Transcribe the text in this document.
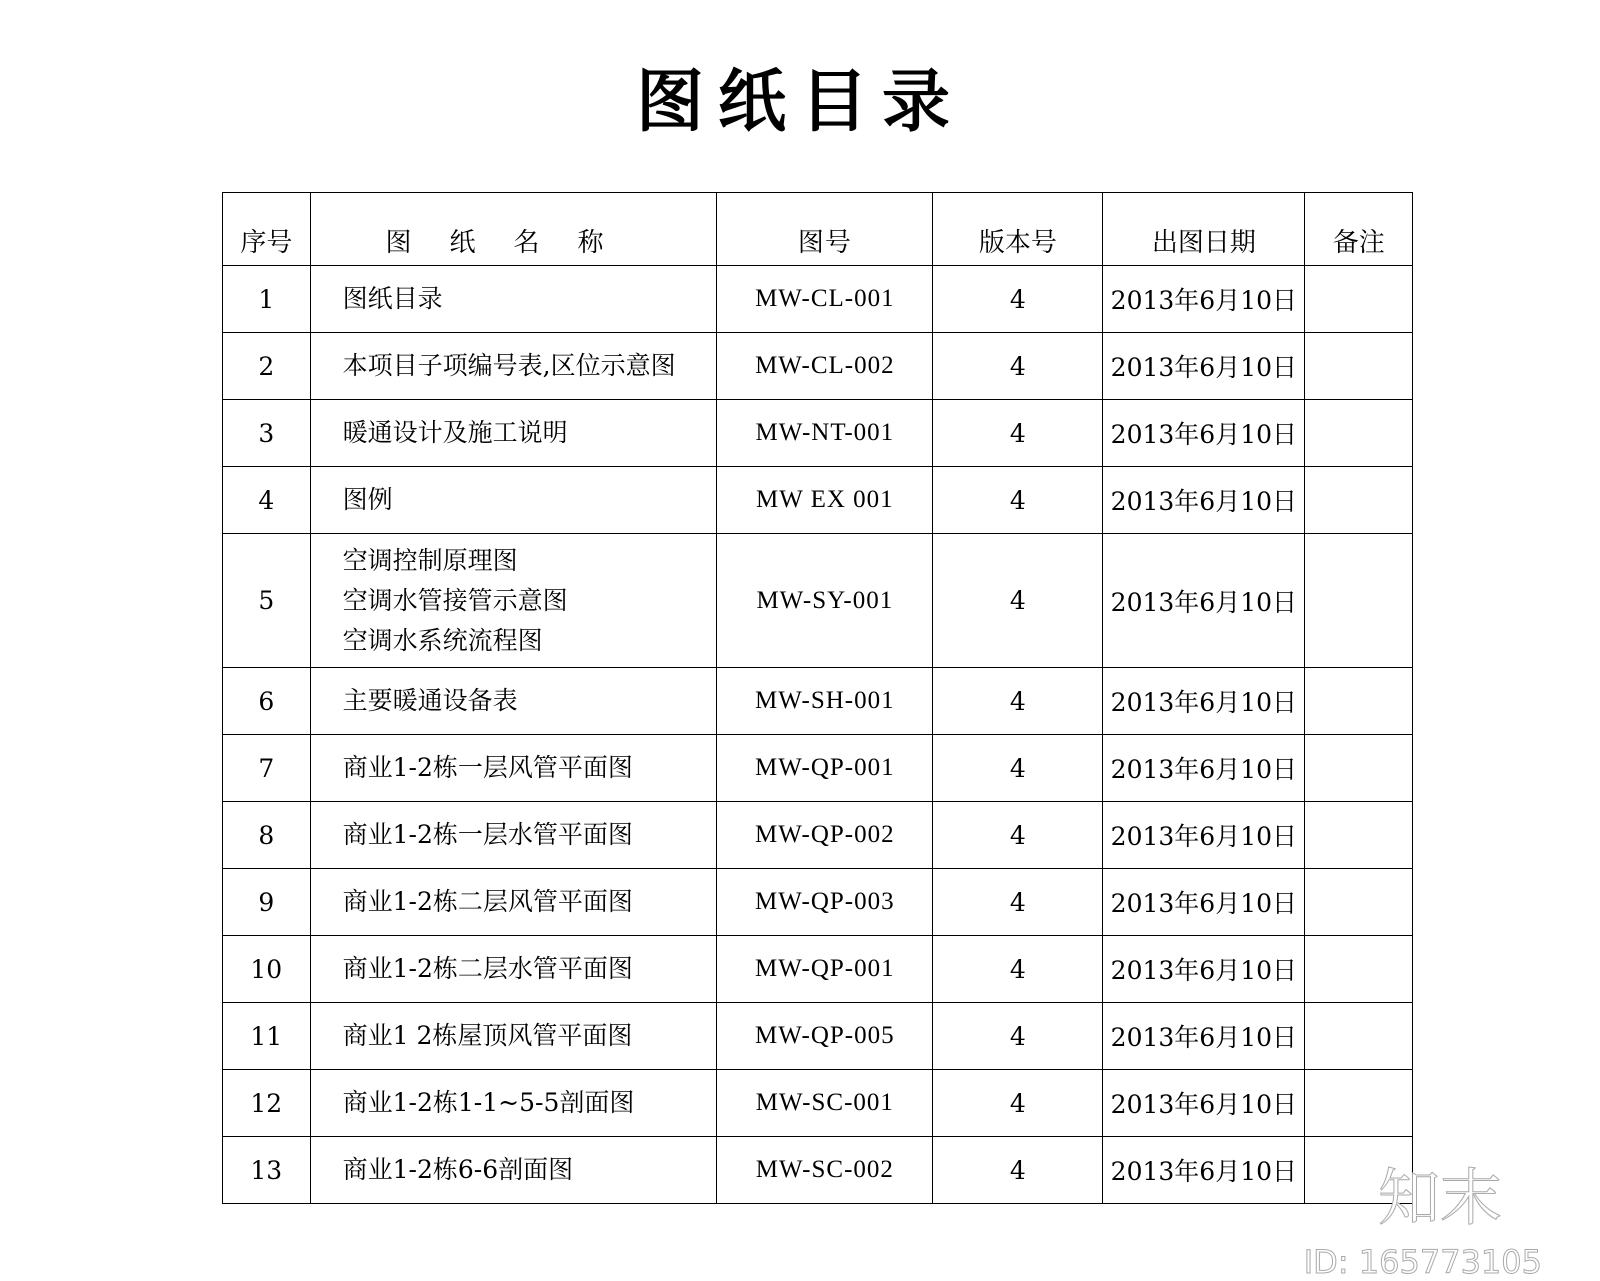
图纸目录
序号	图纸名称	图号	版本号	出图日期	备注
1	图纸目录	MW-CL-001	4	2013年6月10日	
2	本项目子项编号表,区位示意图	MW-CL-002	4	2013年6月10日	
3	暖通设计及施工说明	MW-NT-001	4	2013年6月10日	
4	图例	MW EX 001	4	2013年6月10日	
5	空调控制原理图
空调水管接管示意图
空调水系统流程图	MW-SY-001	4	2013年6月10日	
6	主要暖通设备表	MW-SH-001	4	2013年6月10日	
7	商业1-2栋一层风管平面图	MW-QP-001	4	2013年6月10日	
8	商业1-2栋一层水管平面图	MW-QP-002	4	2013年6月10日	
9	商业1-2栋二层风管平面图	MW-QP-003	4	2013年6月10日	
10	商业1-2栋二层水管平面图	MW-QP-001	4	2013年6月10日	
11	商业1 2栋屋顶风管平面图	MW-QP-005	4	2013年6月10日	
12	商业1-2栋1-1~5-5剖面图	MW-SC-001	4	2013年6月10日	
13	商业1-2栋6-6剖面图	MW-SC-002	4	2013年6月10日		知末
ID: 165773105
